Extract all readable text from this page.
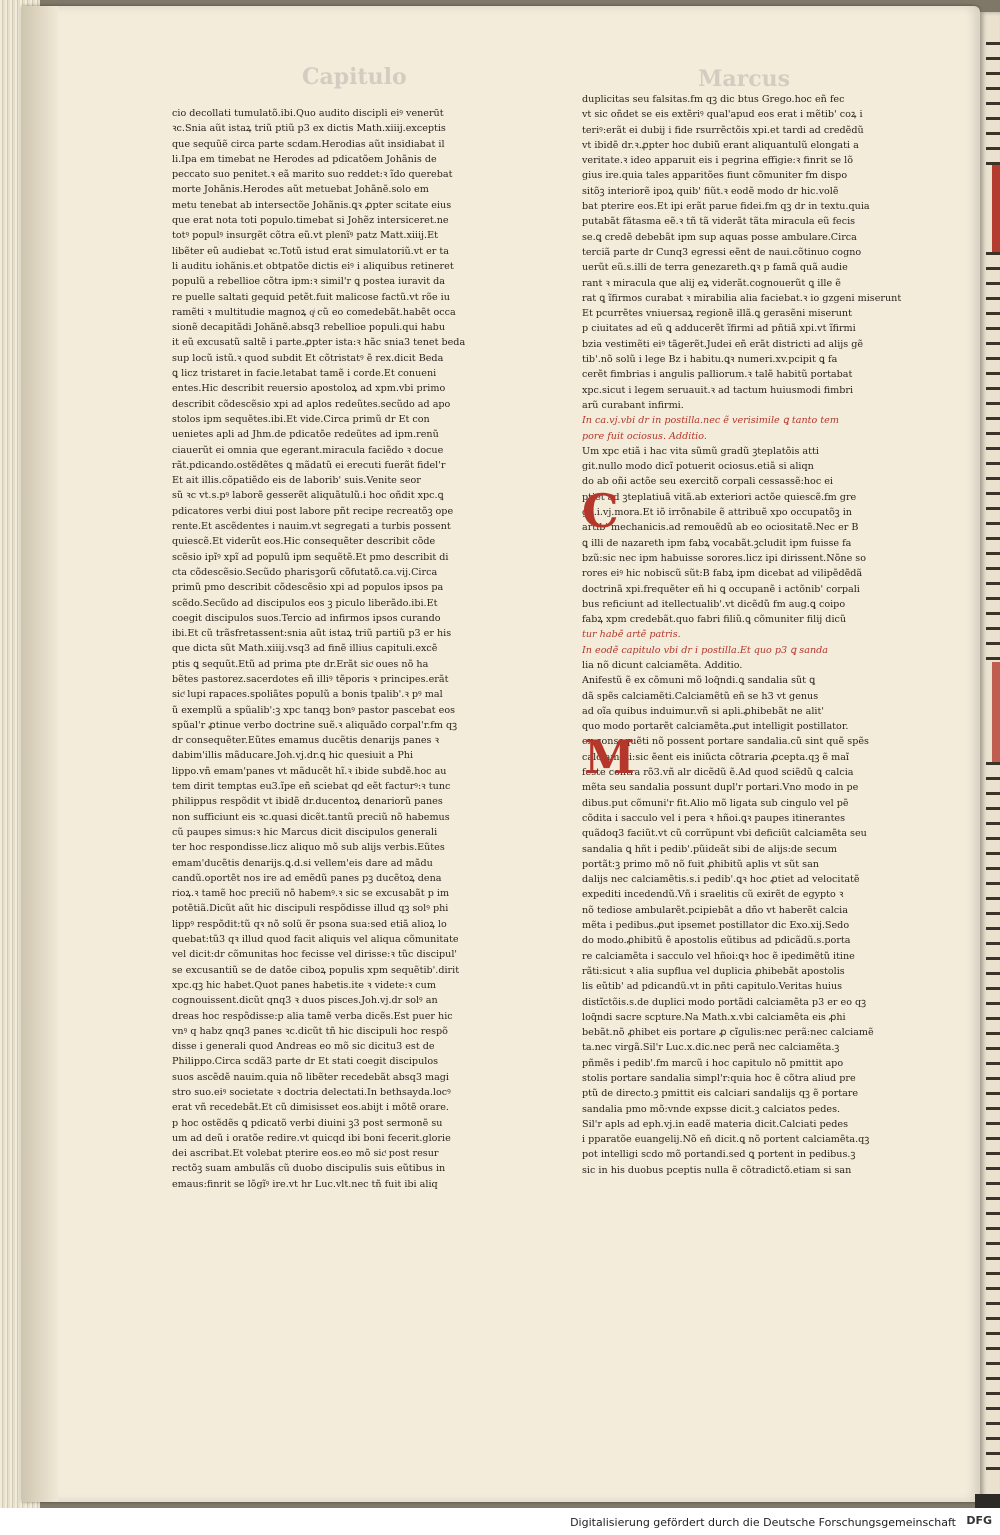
Capitulo	Marcus

cio decollati tumulatõ.ibi.Quo audito discipli eiꝰ venerūt

ꝛc.Snia aũt istaꝝ triũ ptiũ p3 ex dictis Math.xiiij.exceptis

que sequũẽ circa parte scdam.Herodias aũt insidiabat il

li.Ipa em timebat ne Herodes ad pdicatõem Johãnis de

peccato suo penitet.ꝛ eã marito suo reddet:ꝛ ĩdo querebat

morte Johãnis.Herodes aũt metuebat Johãnẽ.solo em

metu tenebat ab intersectõe Johãnis.ꝗꝛ ꝓpter scitate eius

que erat nota toti populo.timebat si Johẽz intersiceret.ne

totꝰ populꝰ insurgẽt cõtra eũ.vt plenĩꝰ patz Matt.xiiij.Et

libẽter eũ audiebat ꝛc.Totũ istud erat simulatoriũ.vt er ta

li auditu iohãnis.et obtpatõe dictis eiꝰ i aliquibus retineret

populũ a rebellioe cõtra ipm:ꝛ simil'r ꝗ postea iuravit da

re puelle saltati gequid petẽt.fuit malicose factũ.vt rõe iu

ramẽti ꝛ multitudie magnoꝝ qͥ cũ eo comedebãt.habẽt occa

sionẽ decapitãdi Johãnẽ.absq3 rebellioe populi.qui habu

it eũ excusatũ saltẽ i parte.ꝓpter ista:ꝛ hãc snia3 tenet beda

sup locũ istũ.ꝛ quod subdit Et cõtristatꝰ ẽ rex.dicit Beda

ꝗ licz tristaret in facie.letabat tamẽ i corde.Et conueni

entes.Hic describit reuersio apostoloꝝ ad xpm.vbi primo

describit cõdescẽsio xpi ad aplos redeũtes.secũdo ad apo

stolos ipm sequẽtes.ibi.Et vide.Circa primũ dr Et con

uenietes apli ad Jhm.de pdicatõe redeũtes ad ipm.renũ

ciauerũt ei omnia que egerant.miracula faciẽdo ꝛ docue

rãt.pdicando.ostẽdẽtes ꝗ mãdatũ ei erecuti fuerãt fidel'r

Et ait illis.cõpatiẽdo eis de laborib' suis.Venite seor

sũ ꝛc vt.s.pꝰ laborẽ gesserẽt aliquãtulũ.i hoc oñdit xpc.ꝗ

pdicatores verbi diui post labore pñt recipe recreatõꝫ ope

rente.Et ascẽdentes i nauim.vt segregati a turbis possent

quiescẽ.Et viderũt eos.Hic consequẽter describit cõde

scẽsio ipĩꝰ xpĩ ad populũ ipm sequẽtẽ.Et pmo describit di

cta cõdescẽsio.Secũdo pharisꝫorũ cõfutatõ.ca.vij.Circa

primũ pmo describit cõdescẽsio xpi ad populos ipsos pa

scẽdo.Secũdo ad discipulos eos ꝫ piculo liberãdo.ibi.Et

coegit discipulos suos.Tercio ad infirmos ipsos curando

ibi.Et cũ trãsfretassent:snia aũt istaꝝ triũ partiũ p3 er his

que dicta sũt Math.xiiij.vsq3 ad finẽ illius capituli.excẽ

ptis ꝗ sequũt.Etũ ad prima pte dr.Erãt sicͭ oues nõ ha

bẽtes pastorez.sacerdotes eñ illiꝰ tẽporis ꝛ principes.erãt

sicͭ lupi rapaces.spoliãtes populũ a bonis tpalib'.ꝛ pꝰ mal

ũ exemplũ a spũalib':ꝫ xpc tanqꝫ bonꝰ pastor pascebat eos

spũal'r ꝓtinue verbo doctrine suẽ.ꝛ aliquãdo corpal'r.fm qꝫ

dr consequẽter.Eũtes emamus ducẽtis denarijs panes ꝛ

dabim'illis mãducare.Joh.vj.dr.ꝗ hic quesiuit a Phi

lippo.vñ emam'panes vt mãducẽt hĩ.ꝛ ibide subdẽ.hoc au

tem dirit temptas eu3.ĩpe eñ sciebat qd eẽt facturꝰ:ꝛ tunc

philippus respõdit vt ibidẽ dr.ducentoꝝ denariorũ panes

non sufficiunt eis ꝛc.quasi dicẽt.tantũ preciũ nõ habemus

cũ paupes simus:ꝛ hic Marcus dicit discipulos generali

ter hoc respondisse.licz aliquo mõ sub alijs verbis.Eũtes

emam'ducẽtis denarijs.ꝗ.d.si vellem'eis dare ad mãdu

candũ.oportẽt nos ire ad emẽdũ panes pꝫ ducẽtoꝝ dena

rioꝝ.ꝛ tamẽ hoc preciũ nõ habemꝰ.ꝛ sic se excusabãt p im

potẽtiã.Dicũt aũt hic discipuli respõdisse illud qꝫ solꝰ phi

lippꝰ respõdit:tũ qꝛ nõ solũ ẽr psona sua:sed etiã alioꝝ lo

quebat:tũ3 qꝛ illud quod facit aliquis vel aliqua cõmunitate

vel dicit:dr cõmunitas hoc fecisse vel dirisse:ꝛ tũc discipul'

se excusantiũ se de datõe ciboꝝ populis xpm sequẽtib'.dirit

xpc.qꝫ hic habet.Quot panes habetis.ite ꝛ videte:ꝛ cum

cognouissent.dicũt qnq3 ꝛ duos pisces.Joh.vj.dr solꝰ an

dreas hoc respõdisse:p alia tamẽ verba dicẽs.Est puer hic

vnꝰ q habz qnq3 panes ꝛc.dicũt tñ hic discipuli hoc respõ

disse i generali quod Andreas eo mõ sic dicitu3 est de

Philippo.Circa scdã3 parte dr Et stati coegit discipulos

suos ascẽdẽ nauim.quia nõ libẽter recedebãt absq3 magi

stro suo.eiꝰ societate ꝛ doctria delectati.In bethsayda.locꝰ

erat vñ recedebãt.Et cũ dimisisset eos.abijt i mõtẽ orare.

p hoc ostẽdẽs ꝗ pdicatõ verbi diuini ꝫ3 post sermonẽ su

um ad deũ i oratõe redire.vt quicqd ibi boni fecerit.glorie

dei ascribat.Et volebat pterire eos.eo mõ sicͭ post resur

rectõꝫ suam ambulãs cũ duobo discipulis suis eũtibus in

emaus:finrit se lõgĩꝰ ire.vt hr Luc.vlt.nec tñ fuit ibi aliq

duplicitas seu falsitas.fm qꝫ dic btus Grego.hoc eñ fec

vt sic oñdet se eis extẽriꝰ qual'apud eos erat i mẽtib' coꝝ i

teriꝰ:erãt ei dubij i fide rsurrẽctõis xpi.et tardi ad credẽdũ

vt ibidẽ dr.ꝛ.ꝓpter hoc dubiũ erant aliquantulũ elongati a

veritate.ꝛ ideo apparuit eis i pegrina effigie:ꝛ finrit se lõ

gius ire.quia tales apparitões fiunt cõmuniter fm dispo

sitõꝫ interiorẽ ipoꝝ quib' fiũt.ꝛ eodẽ modo dr hic.volẽ

bat pterire eos.Et ipi erãt parue fidei.fm qꝫ dr in textu.quia

putabãt fãtasma eẽ.ꝛ tñ tã viderãt tãta miracula eũ fecis

se.ꝗ credẽ debebãt ipm sup aquas posse ambulare.Circa

terciã parte dr Cunq3 egressi eẽnt de naui.cõtinuo cogno

uerũt eũ.s.illi de terra genezareth.ꝗꝛ p famã quã audie

rant ꝛ miracula que alij eꝝ viderãt.cognouerũt ꝗ ille ẽ

rat ꝗ ĩfirmos curabat ꝛ mirabilia alia faciebat.ꝛ io gzgeni miserunt

Et pcurrẽtes vniuersaꝝ regionẽ illã.ꝗ gerasẽni miserunt

p ciuitates ad eũ ꝗ adducerẽt ĩfirmi ad pñtiã xpi.vt ĩfirmi

bzia vestimẽti eiꝰ tãgerẽt.Judei eñ erãt districti ad alijs gẽ

tib'.nõ solũ i lege Bz i habitu.ꝗꝛ numeri.xv.pcipit ꝗ fa

cerẽt fimbrias i angulis palliorum.ꝛ talẽ habitũ portabat

xpc.sicut i legem seruauit.ꝛ ad tactum huiusmodi fimbri

arũ curabant infirmi.

In ca.vj.vbi dr in postilla.nec ẽ verisimile ꝗ tanto tem

pore fuit ociosus. Additio.

Um xpc etiã i hac vita sũmũ gradũ ꝫteplatõis atti

git.nullo modo dicĩ potuerit ociosus.etiã si aliqn

do ab oñi actõe seu exercitõ corpali cessassẽ:hoc ei

ptiet ad ꝫteplatiuã vitã.ab exteriori actõe quiescẽ.fm gre

go.i.vj.mora.Et iõ irrõnabile ẽ attribuẽ xpo occupatõꝫ in

artib' mechanicis.ad remouẽdũ ab eo ociositatẽ.Nec er B

ꝗ illi de nazareth ipm fabꝝ vocabãt.ꝫcludit ipm fuisse fa

bzũ:sic nec ipm habuisse sorores.licz ipi dirissent.Nõne so

rores eiꝰ hic nobiscũ sũt:B fabꝝ ipm dicebat ad vilipẽdẽdã

doctrinã xpi.frequẽter eñ hi ꝗ occupanẽ i actõnib' corpali

bus reficiunt ad itellectualib'.vt dicẽdũ fm aug.ꝗ coipo

fabꝝ xpm credebãt.quo fabri filiũ.ꝗ cõmuniter filij dicũ

tur habẽ artẽ patris.

In eodẽ capitulo vbi dr i postilla.Et quo p3 ꝗ sanda

lia nõ dicunt calciamẽta. Additio.

Anifestũ ẽ ex cõmuni mõ loq̃ndi.ꝗ sandalia sũt ꝗ

dã spẽs calciamẽti.Calciamẽtũ eñ se h3 vt genus

ad oĩa quibus induimur.vñ si apli.ꝓhibebãt ne alit'

quo modo portarẽt calciamẽta.ꝓut intelligit postillator.

ex consequẽti nõ possent portare sandalia.cũ sint quẽ spẽs

calciamẽti:sic ẽent eis iniũcta cõtraria ꝓcepta.qꝫ ẽ maĩ

feste contra rõ3.vñ alr dicẽdũ ẽ.Ad quod sciẽdũ ꝗ calcia

mẽta seu sandalia possunt dupl'r portari.Vno modo in pe

dibus.put cõmuni'r fit.Alio mõ ligata sub cingulo vel pẽ

cõdita i sacculo vel i pera ꝛ hñoi.ꝗꝛ paupes itinerantes

quãdoq3 faciũt.vt cũ corrũpunt vbi deficiũt calciamẽta seu

sandalia ꝗ hñt i pedib'.pũideãt sibi de alijs:de secum

portãt:ꝫ primo mõ nõ fuit ꝓhibitũ aplis vt sũt san

dalijs nec calciamẽtis.s.i pedib'.ꝗꝛ hoc ꝓtiet ad velocitatẽ

expediti incedendũ.Vñ i sraelitis cũ exirẽt de egypto ꝛ

nõ tediose ambularẽt.pcipiebãt a dño vt haberẽt calcia

mẽta i pedibus.ꝓut ipsemet postillator dic Exo.xij.Sedo

do modo.ꝓhibitũ ẽ apostolis eũtibus ad pdicãdũ.s.porta

re calciamẽta i sacculo vel hñoi:ꝗꝛ hoc ẽ ipedimẽtũ itine

rãti:sicut ꝛ alia supflua vel duplicia ꝓhibebãt apostolis

lis eũtib' ad pdicandũ.vt in pñti capitulo.Veritas huius

distĩctõis.s.de duplici modo portãdi calciamẽta p3 er eo qꝫ

loq̃ndi sacre scpture.Na Math.x.vbi calciamẽta eis ꝓhi

bebãt.nõ ꝓhibet eis portare ꝓ cĩgulis:nec perã:nec calciamẽ

ta.nec virgã.Sil'r Luc.x.dic.nec perã nec calciamẽta.ꝫ

pñmẽs i pedib'.fm marcũ i hoc capitulo nõ pmittit apo

stolis portare sandalia simpl'r:quia hoc ẽ cõtra aliud pre

ptũ de directo.ꝫ pmittit eis calciari sandalijs qꝫ ẽ portare

sandalia pmo mõ:vnde expsse dicit.ꝫ calciatos pedes.

Sil'r apls ad eph.vj.in eadẽ materia dicit.Calciati pedes

i pparatõe euangelij.Nõ eñ dicit.ꝗ nõ portent calciamẽta.qꝫ

pot intelligi scdo mõ portandi.sed ꝗ portent in pedibus.ꝫ

sic in his duobus pceptis nulla ẽ cõtradictõ.etiam si san

C
M
Digitalisierung gefördert durch die Deutsche Forschungsgemeinschaft DFG
